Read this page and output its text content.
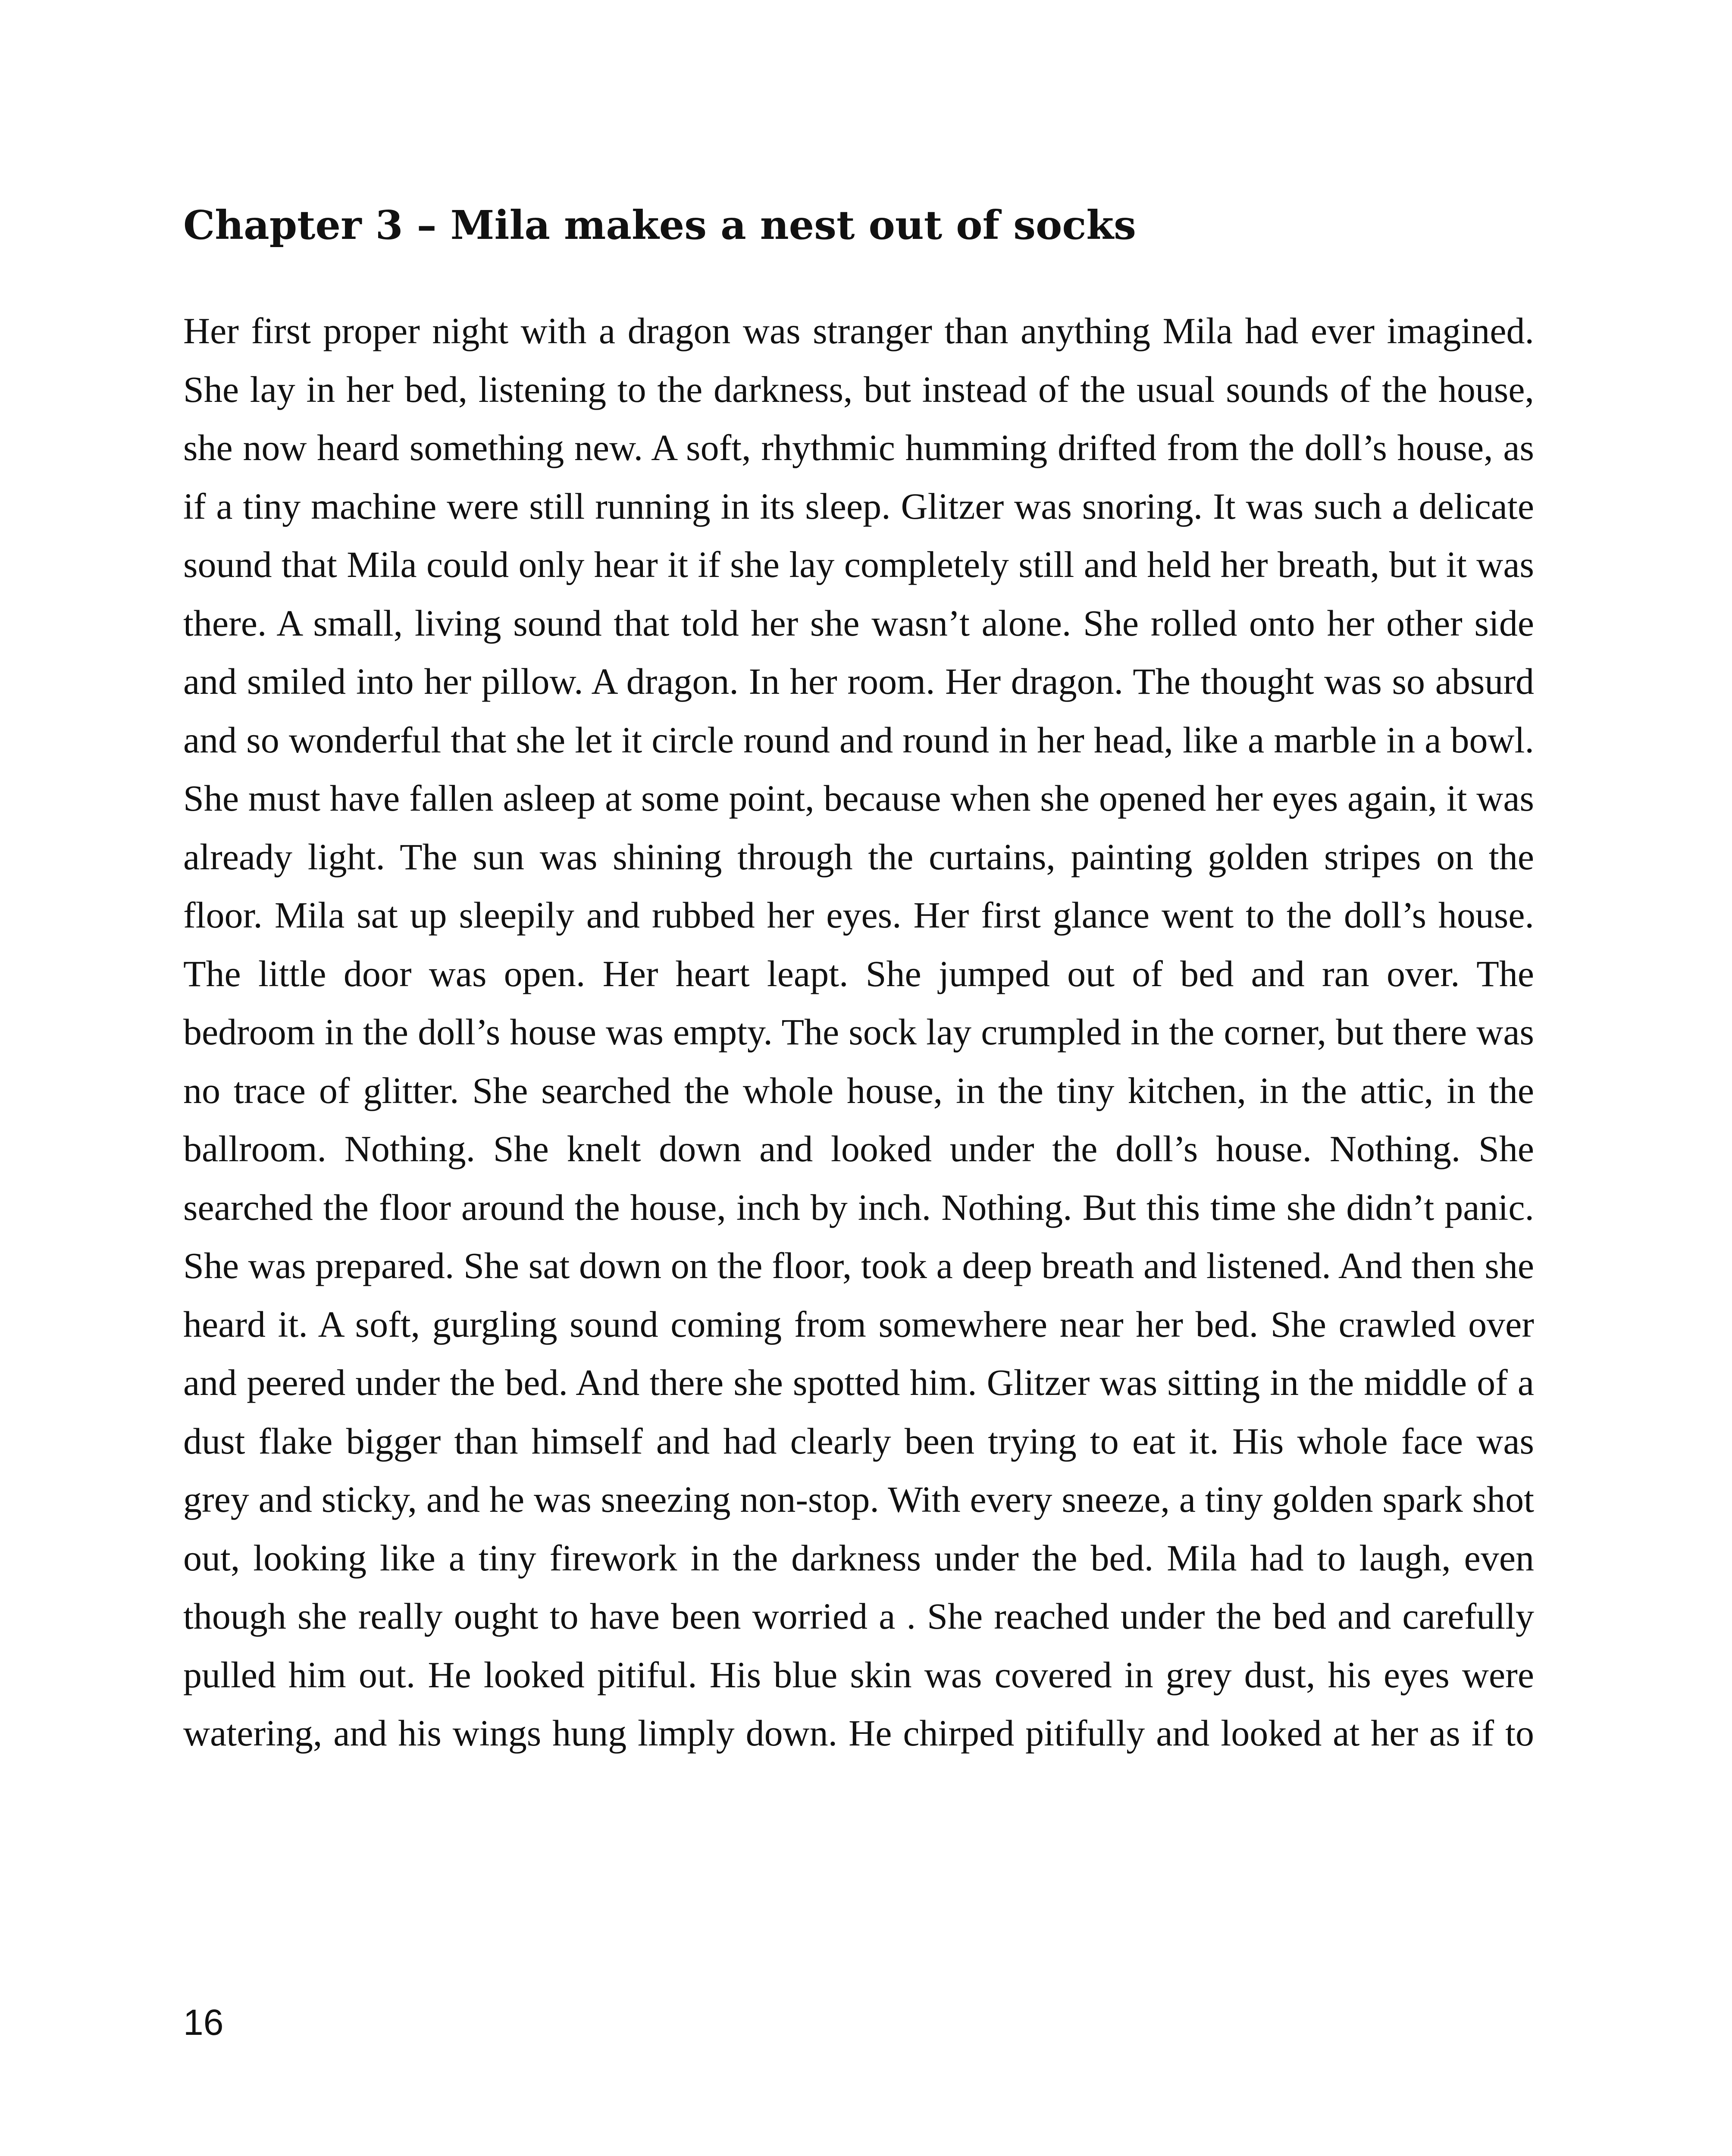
Chapter 3 – Mila makes a nest out of socks

Her first proper night with a dragon was stranger than anything Mila had ever imagined. She lay in her bed, listening to the darkness, but instead of the usual sounds of the house, she now heard something new. A soft, rhythmic humming drifted from the doll’s house, as if a tiny machine were still running in its sleep. Glitzer was snoring. It was such a delicate sound that Mila could only hear it if she lay completely still and held her breath, but it was there. A small, living sound that told her she wasn’t alone. She rolled onto her other side and smiled into her pillow. A dragon. In her room. Her dragon. The thought was so absurd and so wonderful that she let it circle round and round in her head, like a marble in a bowl. She must have fallen asleep at some point, because when she opened her eyes again, it was already light. The sun was shining through the curtains, painting golden stripes on the floor. Mila sat up sleepily and rubbed her eyes. Her first glance went to the doll’s house. The little door was open. Her heart leapt. She jumped out of bed and ran over. The bedroom in the doll’s house was empty. The sock lay crumpled in the corner, but there was no trace of glitter. She searched the whole house, in the tiny kitchen, in the attic, in the ballroom. Nothing. She knelt down and looked under the doll’s house. Nothing. She searched the floor around the house, inch by inch. Nothing. But this time she didn’t panic. She was prepared. She sat down on the floor, took a deep breath and listened. And then she heard it. A soft, gurgling sound coming from somewhere near her bed. She crawled over and peered under the bed. And there she spotted him. Glitzer was sitting in the middle of a dust flake bigger than himself and had clearly been trying to eat it. His whole face was grey and sticky, and he was sneezing non-stop. With every sneeze, a tiny golden spark shot out, looking like a tiny firework in the darkness under the bed. Mila had to laugh, even though she really ought to have been worried a . She reached under the bed and carefully pulled him out. He looked pitiful. His blue skin was covered in grey dust, his eyes were watering, and his wings hung limply down. He chirped pitifully and looked at her as if to

16
